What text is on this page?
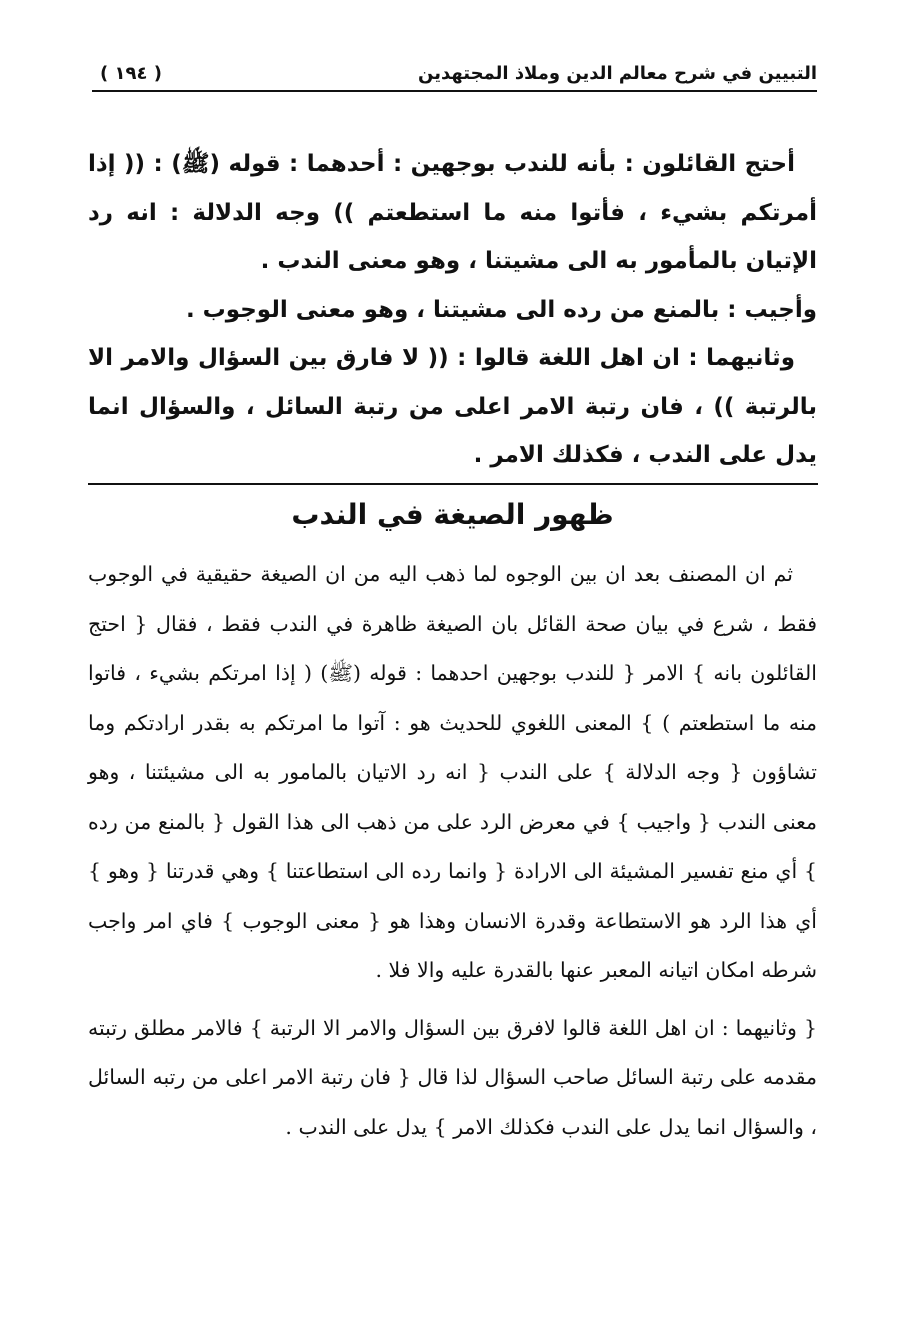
التبيين في شرح معالم الدين وملاذ المجتهدين
( ١٩٤ )

أحتج القائلون : بأنه للندب بوجهين : أحدهما : قوله (ﷺ) : (( إذا أمرتكم بشيء ، فأتوا منه ما استطعتم )) وجه الدلالة : انه رد الإتيان بالمأمور به الى مشيتنا ، وهو معنى الندب .

وأجيب : بالمنع من رده الى مشيتنا ، وهو معنى الوجوب .

وثانيهما : ان اهل اللغة قالوا : (( لا فارق بين السؤال والامر الا بالرتبة )) ، فان رتبة الامر اعلى من رتبة السائل ، والسؤال انما يدل على الندب ، فكذلك الامر .

ظهور الصيغة في الندب

ثم ان المصنف بعد ان بين الوجوه لما ذهب اليه من ان الصيغة حقيقية في الوجوب فقط ، شرع في بيان صحة القائل بان الصيغة ظاهرة في الندب فقط ، فقال { احتج القائلون بانه } الامر { للندب بوجهين احدهما : قوله (ﷺ) ( إذا امرتكم بشيء ، فاتوا منه ما استطعتم ) } المعنى اللغوي للحديث هو : آتوا ما امرتكم به بقدر ارادتكم وما تشاؤون { وجه الدلالة } على الندب { انه رد الاتيان بالمامور به الى مشيئتنا ، وهو معنى الندب { واجيب } في معرض الرد على من ذهب الى هذا القول { بالمنع من رده } أي منع تفسير المشيئة الى الارادة { وانما رده الى استطاعتنا } وهي قدرتنا { وهو } أي هذا الرد هو الاستطاعة وقدرة الانسان وهذا هو { معنى الوجوب } فاي امر واجب شرطه امكان اتيانه المعبر عنها بالقدرة عليه والا فلا .

{ وثانيهما : ان اهل اللغة قالوا لافرق بين السؤال والامر الا الرتبة } فالامر مطلق رتبته مقدمه على رتبة السائل صاحب السؤال لذا قال { فان رتبة الامر اعلى من رتبه السائل ، والسؤال انما يدل على الندب فكذلك الامر } يدل على الندب .
